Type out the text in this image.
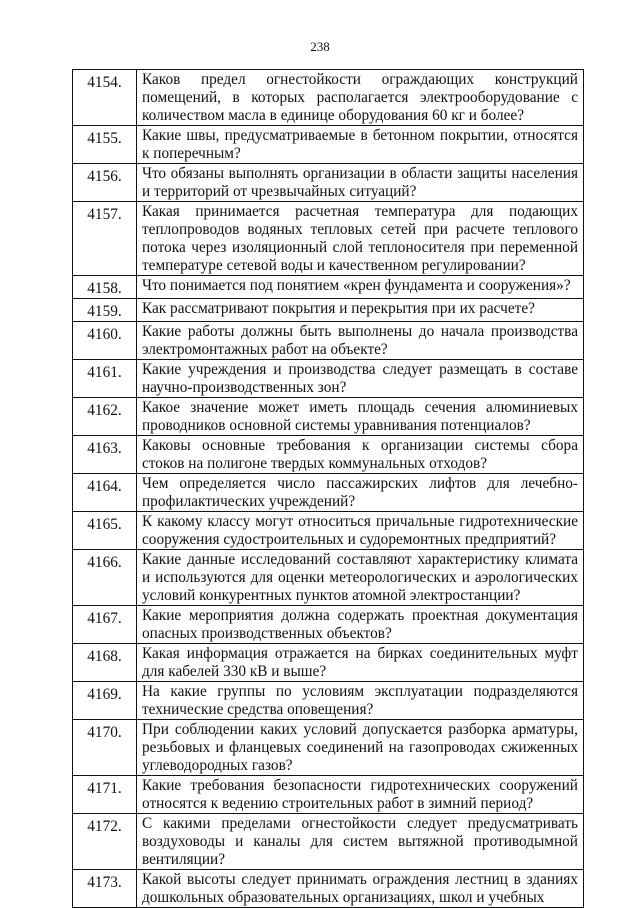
238
4154.	Каков предел огнестойкости ограждающих конструкций помещений, в которых располагается электрооборудование с количеством масла в единице оборудования 60 кг и более?
4155.	Какие швы, предусматриваемые в бетонном покрытии, относятся к поперечным?
4156.	Что обязаны выполнять организации в области защиты населения и территорий от чрезвычайных ситуаций?
4157.	Какая принимается расчетная температура для подающих теплопроводов водяных тепловых сетей при расчете теплового потока через изоляционный слой теплоносителя при переменной температуре сетевой воды и качественном регулировании?
4158.	Что понимается под понятием «крен фундамента и сооружения»?
4159.	Как рассматривают покрытия и перекрытия при их расчете?
4160.	Какие работы должны быть выполнены до начала производства электромонтажных работ на объекте?
4161.	Какие учреждения и производства следует размещать в составе научно-производственных зон?
4162.	Какое значение может иметь площадь сечения алюминиевых проводников основной системы уравнивания потенциалов?
4163.	Каковы основные требования к организации системы сбора стоков на полигоне твердых коммунальных отходов?
4164.	Чем определяется число пассажирских лифтов для лечебно-профилактических учреждений?
4165.	К какому классу могут относиться причальные гидротехнические сооружения судостроительных и судоремонтных предприятий?
4166.	Какие данные исследований составляют характеристику климата и используются для оценки метеорологических и аэрологических условий конкурентных пунктов атомной электростанции?
4167.	Какие мероприятия должна содержать проектная документация опасных производственных объектов?
4168.	Какая информация отражается на бирках соединительных муфт для кабелей 330 кВ и выше?
4169.	На какие группы по условиям эксплуатации подразделяются технические средства оповещения?
4170.	При соблюдении каких условий допускается разборка арматуры, резьбовых и фланцевых соединений на газопроводах сжиженных углеводородных газов?
4171.	Какие требования безопасности гидротехнических сооружений относятся к ведению строительных работ в зимний период?
4172.	С какими пределами огнестойкости следует предусматривать воздуховоды и каналы для систем вытяжной противодымной вентиляции?
4173.	Какой высоты следует принимать ограждения лестниц в зданиях дошкольных образовательных организациях, школ и учебных
